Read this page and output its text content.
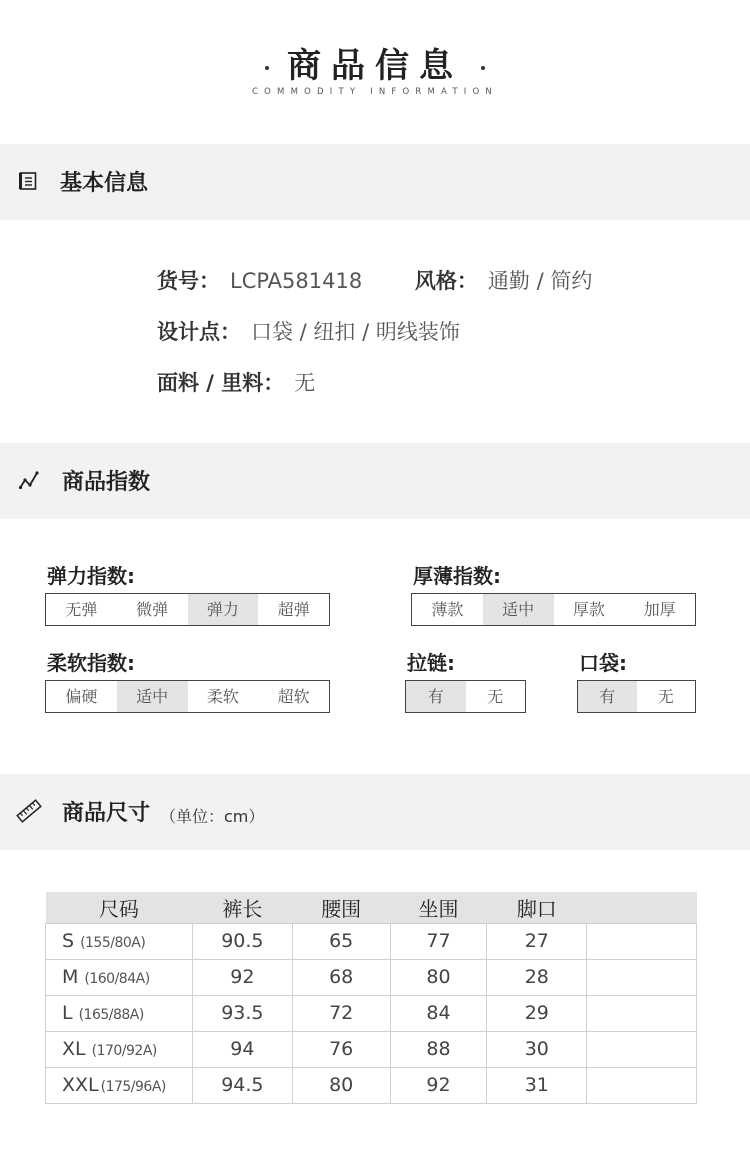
商品信息
COMMODITY INFORMATION
基本信息
货号： LCPA581418	风格： 通勤 / 简约
设计点： 口袋 / 纽扣 / 明线装饰
面料 / 里料： 无
商品指数
弹力指数:
无弹	微弹	弹力	超弹
厚薄指数:
薄款	适中	厚款	加厚
柔软指数:
偏硬	适中	柔软	超软
拉链:
有	无
口袋:
有	无
商品尺寸 （单位：cm）
尺码	裤长	腰围	坐围	脚口	
S (155/80A)	90.5	65	77	27	
M (160/84A)	92	68	80	28	
L (165/88A)	93.5	72	84	29	
XL (170/92A)	94	76	88	30	
XXL (175/96A)	94.5	80	92	31	
